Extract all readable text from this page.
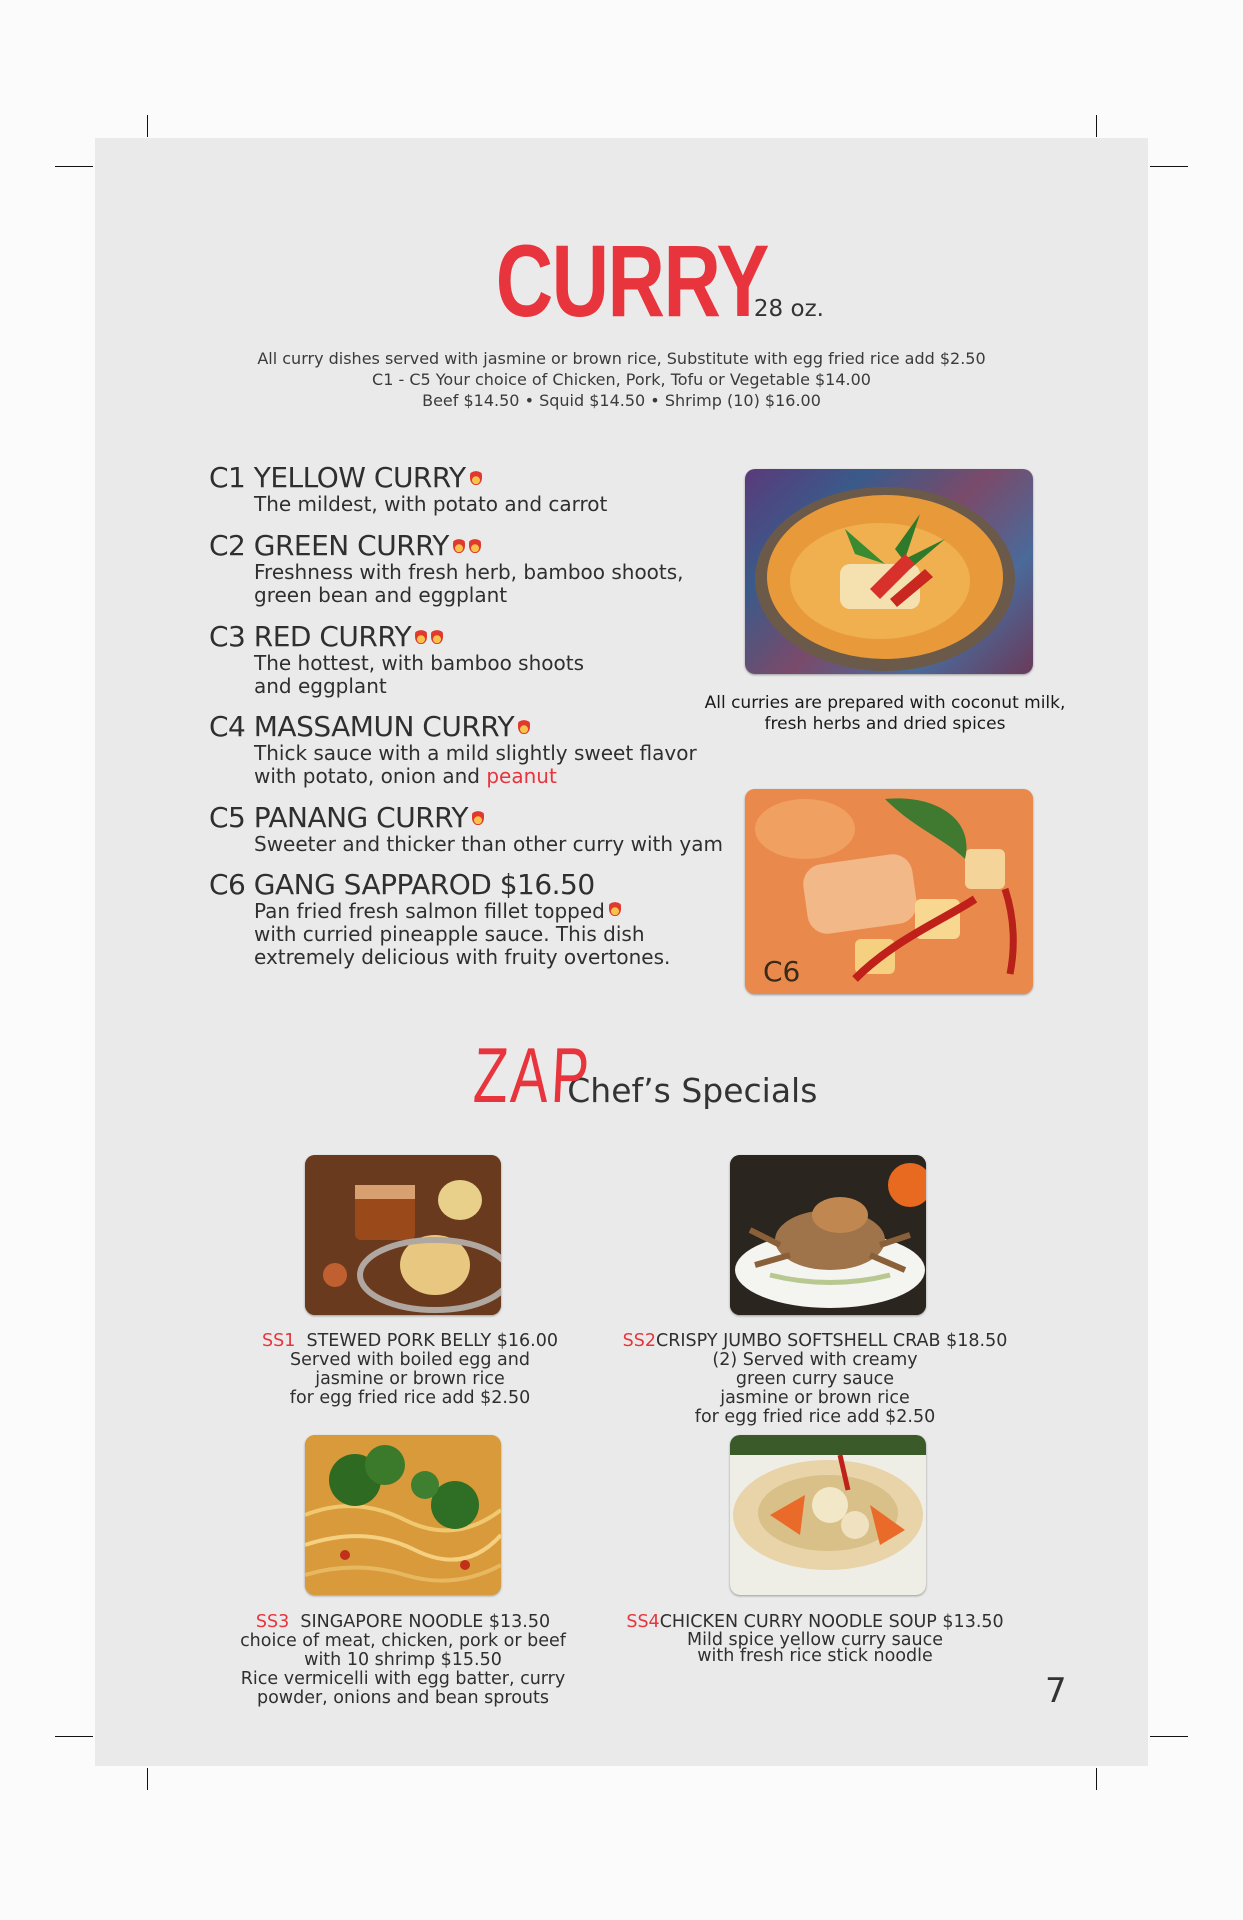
CURRY28 oz.
All curry dishes served with jasmine or brown rice, Substitute with egg fried rice add $2.50
C1 - C5 Your choice of Chicken, Pork, Tofu or Vegetable $14.00
Beef $14.50 • Squid $14.50 • Shrimp (10) $16.00
C1 YELLOW CURRY
The mildest, with potato and carrot
C2 GREEN CURRY
Freshness with fresh herb, bamboo shoots,
green bean and eggplant
C3 RED CURRY
The hottest, with bamboo shoots
and eggplant
C4 MASSAMUN CURRY
Thick sauce with a mild slightly sweet flavor
with potato, onion and peanut
C5 PANANG CURRY
Sweeter and thicker than other curry with yam
C6 GANG SAPPAROD $16.50
Pan fried fresh salmon fillet topped
with curried pineapple sauce. This dish
extremely delicious with fruity overtones.
All curries are prepared with coconut milk,
fresh herbs and dried spices
C6
ZAPChef’s Specials
SS1 STEWED PORK BELLY $16.00
Served with boiled egg and
jasmine or brown rice
for egg fried rice add $2.50
SS2CRISPY JUMBO SOFTSHELL CRAB $18.50
(2) Served with creamy
green curry sauce
jasmine or brown rice
for egg fried rice add $2.50
SS3 SINGAPORE NOODLE $13.50
choice of meat, chicken, pork or beef
with 10 shrimp $15.50
Rice vermicelli with egg batter, curry
powder, onions and bean sprouts
SS4CHICKEN CURRY NOODLE SOUP $13.50
Mild spice yellow curry sauce
with fresh rice stick noodle
7
